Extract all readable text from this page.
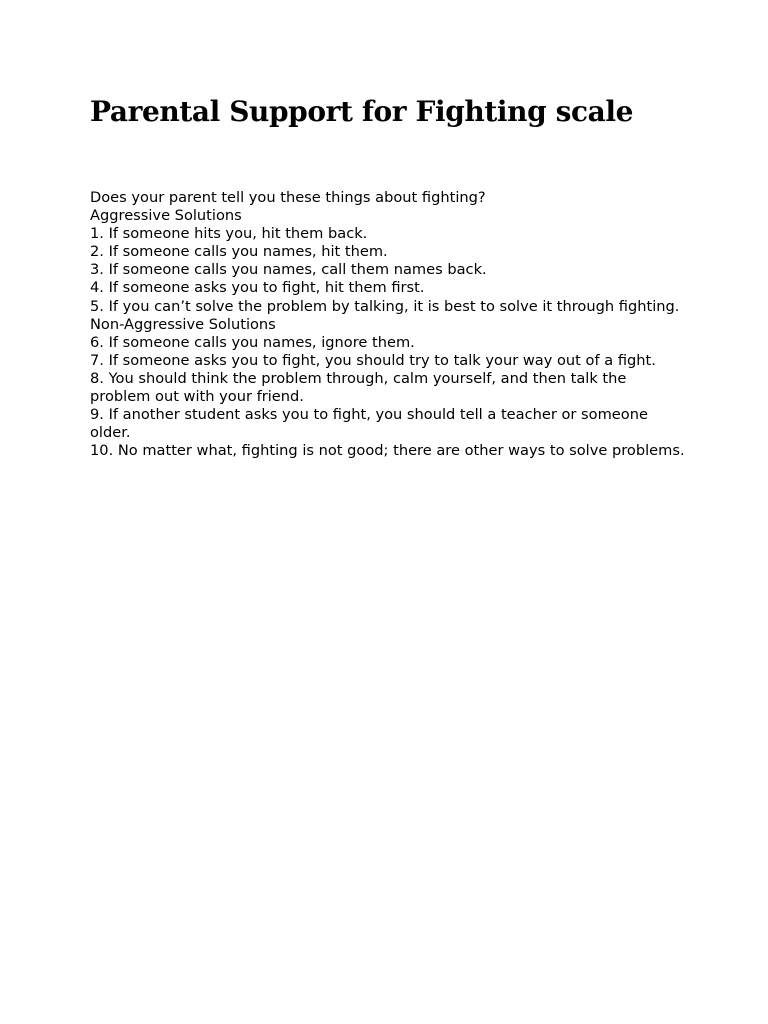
Parental Support for Fighting scale

Does your parent tell you these things about fighting?

Aggressive Solutions

1. If someone hits you, hit them back.

2. If someone calls you names, hit them.

3. If someone calls you names, call them names back.

4. If someone asks you to fight, hit them first.

5. If you can’t solve the problem by talking, it is best to solve it through fighting.

Non-Aggressive Solutions

6. If someone calls you names, ignore them.

7. If someone asks you to fight, you should try to talk your way out of a fight.

8. You should think the problem through, calm yourself, and then talk the problem out with your friend.

9. If another student asks you to fight, you should tell a teacher or someone older.

10. No matter what, fighting is not good; there are other ways to solve problems.
